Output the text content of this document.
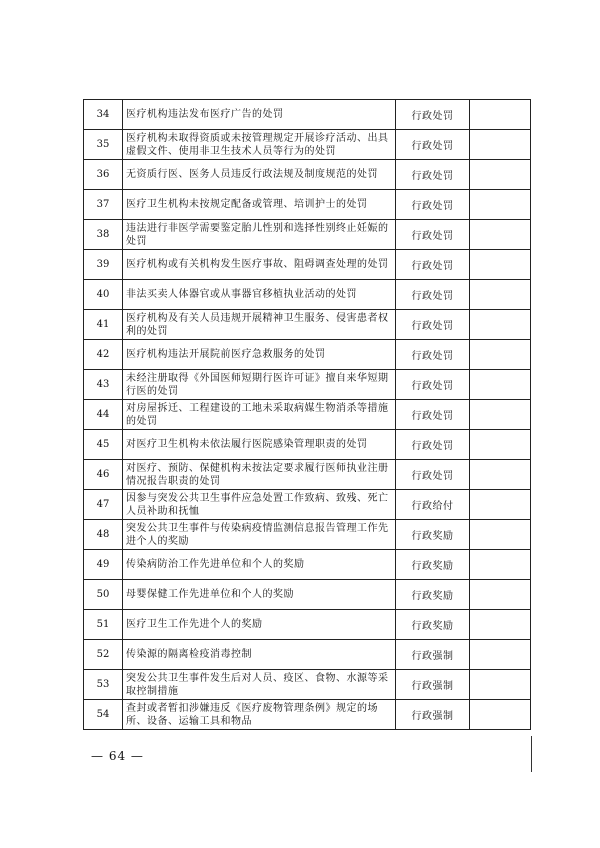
34	医疗机构违法发布医疗广告的处罚	行政处罚	
35	医疗机构未取得资质或未按管理规定开展诊疗活动、出具虚假文件、使用非卫生技术人员等行为的处罚	行政处罚	
36	无资质行医、医务人员违反行政法规及制度规范的处罚	行政处罚	
37	医疗卫生机构未按规定配备或管理、培训护士的处罚	行政处罚	
38	违法进行非医学需要鉴定胎儿性别和选择性别终止妊娠的处罚	行政处罚	
39	医疗机构或有关机构发生医疗事故、阻碍调查处理的处罚	行政处罚	
40	非法买卖人体器官或从事器官移植执业活动的处罚	行政处罚	
41	医疗机构及有关人员违规开展精神卫生服务、侵害患者权利的处罚	行政处罚	
42	医疗机构违法开展院前医疗急救服务的处罚	行政处罚	
43	未经注册取得《外国医师短期行医许可证》擅自来华短期行医的处罚	行政处罚	
44	对房屋拆迁、工程建设的工地未采取病媒生物消杀等措施的处罚	行政处罚	
45	对医疗卫生机构未依法履行医院感染管理职责的处罚	行政处罚	
46	对医疗、预防、保健机构未按法定要求履行医师执业注册情况报告职责的处罚	行政处罚	
47	因参与突发公共卫生事件应急处置工作致病、致残、死亡人员补助和抚恤	行政给付	
48	突发公共卫生事件与传染病疫情监测信息报告管理工作先进个人的奖励	行政奖励	
49	传染病防治工作先进单位和个人的奖励	行政奖励	
50	母婴保健工作先进单位和个人的奖励	行政奖励	
51	医疗卫生工作先进个人的奖励	行政奖励	
52	传染源的隔离检疫消毒控制	行政强制	
53	突发公共卫生事件发生后对人员、疫区、食物、水源等采取控制措施	行政强制	
54	查封或者暂扣涉嫌违反《医疗废物管理条例》规定的场所、设备、运输工具和物品	行政强制	
— 64 —
